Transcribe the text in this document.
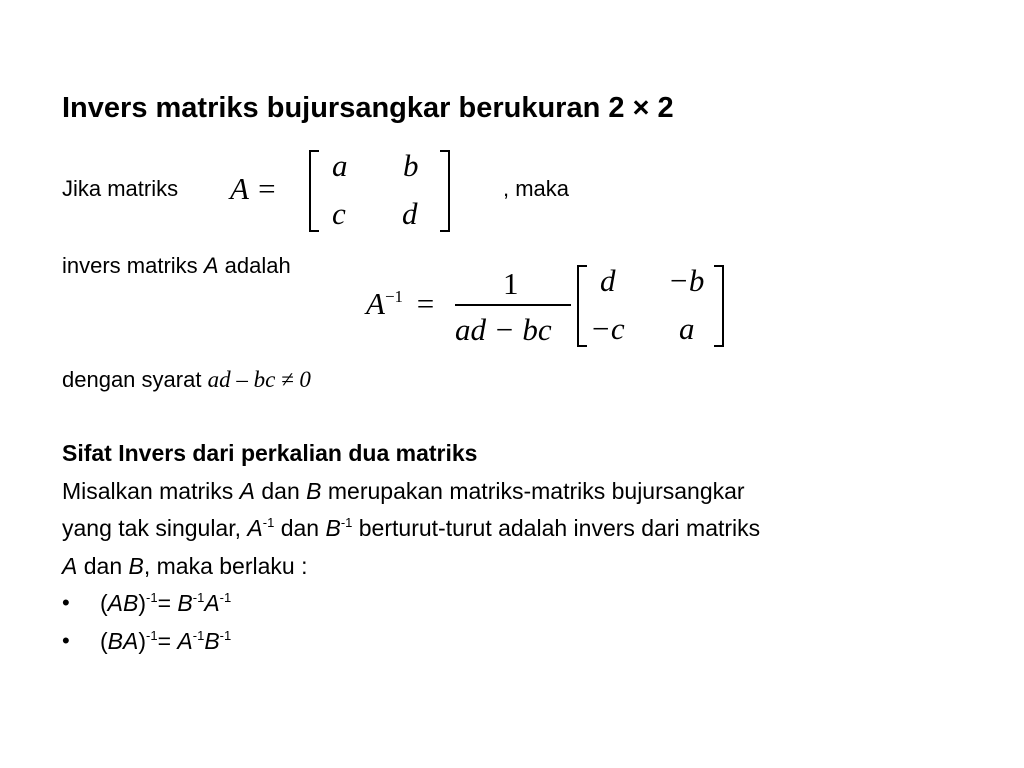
Invers matriks bujursangkar berukuran 2 × 2
Jika matriks A =
a b
c d
, maka
invers matriks A adalah
$A^{-1}$ =
1
ad − bc
d −b
−c a
dengan syarat ad – bc ≠ 0
Sifat Invers dari perkalian dua matriks
Misalkan matriks A dan B merupakan matriks-matriks bujursangkar
yang tak singular, $A^{-1}$ dan $B^{-1}$ berturut-turut adalah invers dari matriks
A dan B, maka berlaku :
• $(AB)^{-1}= B^{-1}A^{-1}$
• $(BA)^{-1}= A^{-1}B^{-1}$
